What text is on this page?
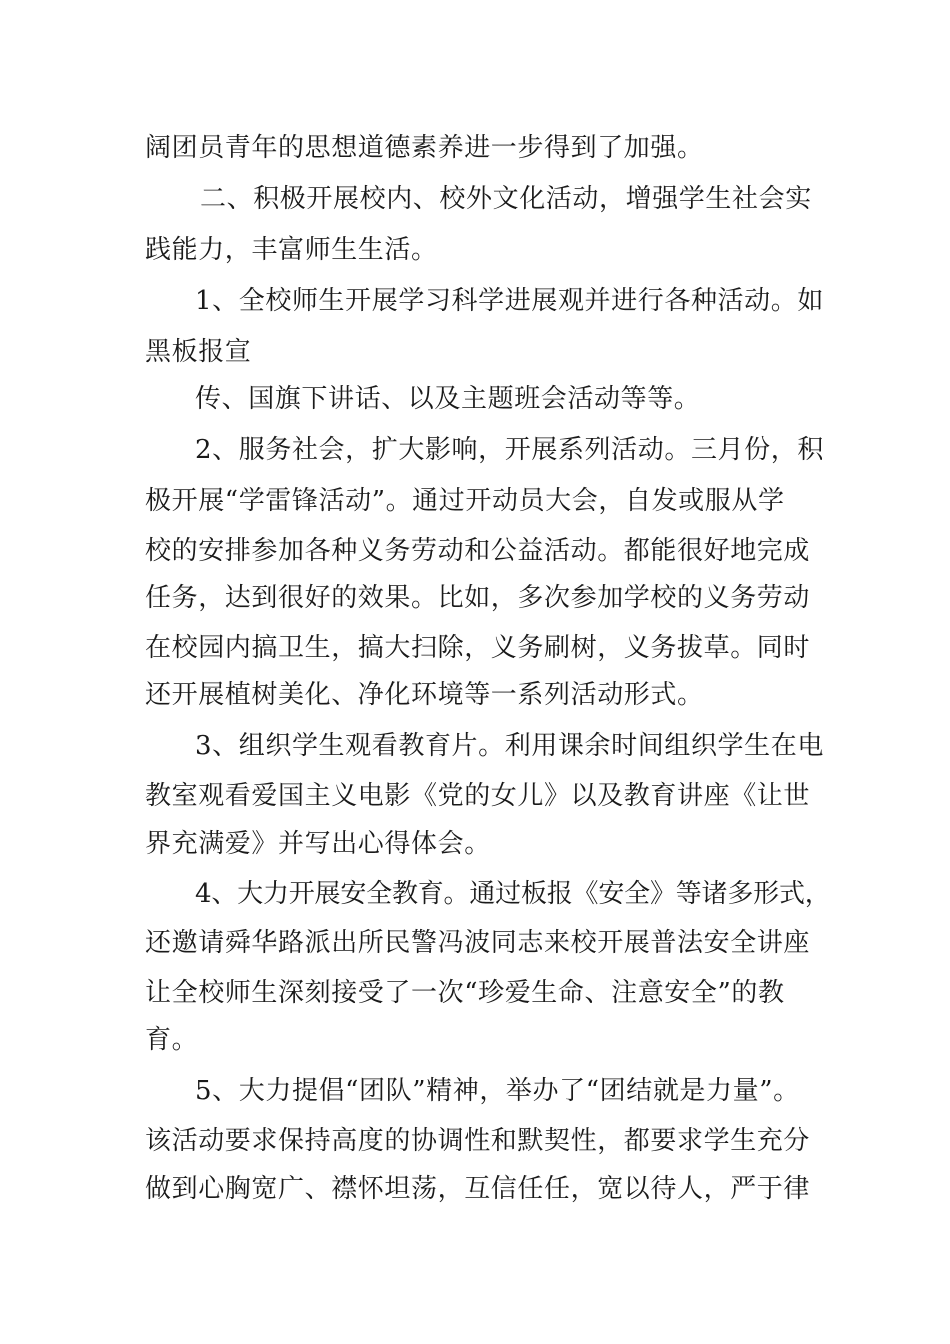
阔团员青年的思想道德素养进一步得到了加强。
二、积极开展校内、校外文化活动，增强学生社会实
践能力，丰富师生生活。
1、全校师生开展学习科学进展观并进行各种活动。如
黑板报宣
传、国旗下讲话、以及主题班会活动等等。
2、服务社会，扩大影响，开展系列活动。三月份，积
极开展“学雷锋活动”。通过开动员大会，自发或服从学
校的安排参加各种义务劳动和公益活动。都能很好地完成
任务，达到很好的效果。比如，多次参加学校的义务劳动
在校园内搞卫生，搞大扫除，义务刷树，义务拔草。同时
还开展植树美化、净化环境等一系列活动形式。
3、组织学生观看教育片。利用课余时间组织学生在电
教室观看爱国主义电影《党的女儿》以及教育讲座《让世
界充满爱》并写出心得体会。
4、大力开展安全教育。通过板报《安全》等诸多形式，
还邀请舜华路派出所民警冯波同志来校开展普法安全讲座
让全校师生深刻接受了一次“珍爱生命、注意安全”的教
育。
5、大力提倡“团队”精神，举办了“团结就是力量”。
该活动要求保持高度的协调性和默契性，都要求学生充分
做到心胸宽广、襟怀坦荡，互信任任，宽以待人，严于律
